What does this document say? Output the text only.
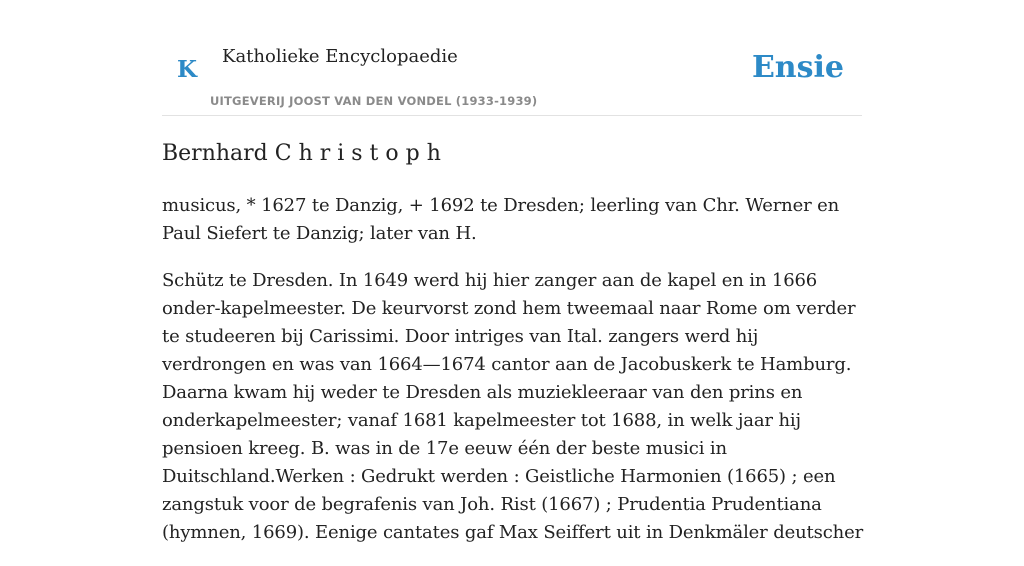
K Katholieke Encyclopaedie
UITGEVERIJ JOOST VAN DEN VONDEL (1933-1939)
Ensie
Bernhard C h r i s t o p h

musicus, * 1627 te Danzig, + 1692 te Dresden; leerling van Chr. Werner en Paul Siefert te Danzig; later van H.

Schütz te Dresden. In 1649 werd hij hier zanger aan de kapel en in 1666 onder-kapelmeester. De keurvorst zond hem tweemaal naar Rome om verder te studeeren bij Carissimi. Door intriges van Ital. zangers werd hij verdrongen en was van 1664—1674 cantor aan de Jacobuskerk te Hamburg. Daarna kwam hij weder te Dresden als muziekleeraar van den prins en onderkapelmeester; vanaf 1681 kapelmeester tot 1688, in welk jaar hij pensioen kreeg. B. was in de 17e eeuw één der beste musici in Duitschland.Werken : Gedrukt werden : Geistliche Harmonien (1665) ; een zangstuk voor de begrafenis van Joh. Rist (1667) ; Prudentia Prudentiana (hymnen, 1669). Eenige cantates gaf Max Seiffert uit in Denkmäler deutscher
